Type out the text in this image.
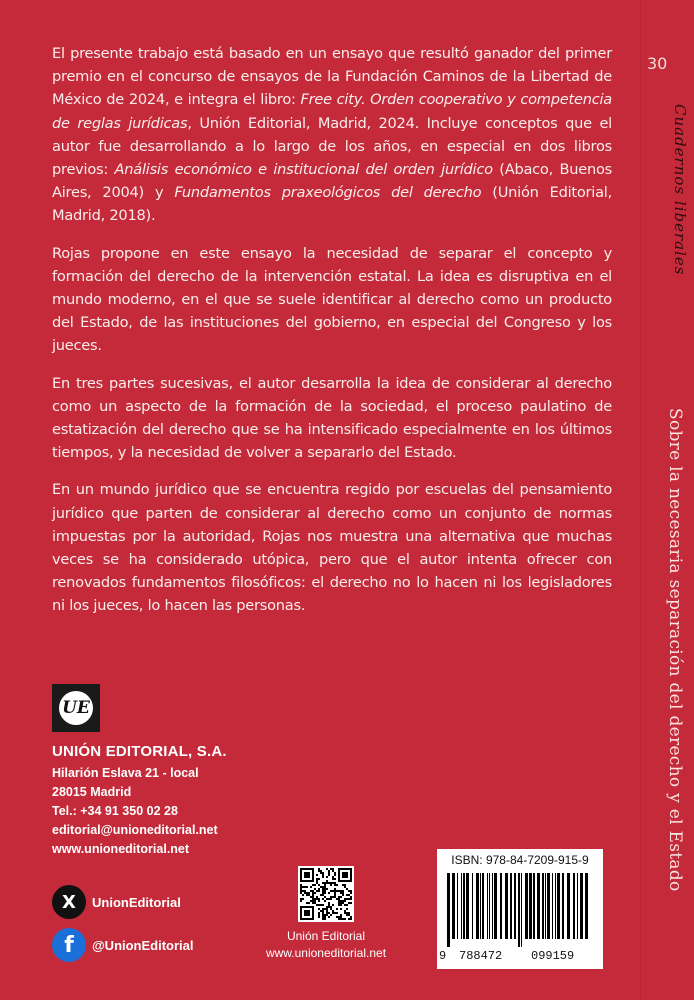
El presente trabajo está basado en un ensayo que resultó ganador del primer premio en el concurso de ensayos de la Fundación Caminos de la Libertad de México de 2024, e integra el libro: Free city. Orden cooperativo y competencia de reglas jurídicas, Unión Editorial, Madrid, 2024. Incluye conceptos que el autor fue desarrollando a lo largo de los años, en especial en dos libros previos: Análisis económico e institucional del orden jurídico (Abaco, Buenos Aires, 2004) y Fundamentos praxeológicos del derecho (Unión Editorial, Madrid, 2018).

Rojas propone en este ensayo la necesidad de separar el concepto y formación del derecho de la intervención estatal. La idea es disruptiva en el mundo moderno, en el que se suele identificar al derecho como un producto del Estado, de las instituciones del gobierno, en especial del Congreso y los jueces.

En tres partes sucesivas, el autor desarrolla la idea de considerar al derecho como un aspecto de la formación de la sociedad, el proceso paulatino de estatización del derecho que se ha intensificado especialmente en los últimos tiempos, y la necesidad de volver a separarlo del Estado.

En un mundo jurídico que se encuentra regido por escuelas del pensamiento jurídico que parten de considerar al derecho como un conjunto de normas impuestas por la autoridad, Rojas nos muestra una alternativa que muchas veces se ha considerado utópica, pero que el autor intenta ofrecer con renovados fundamentos filosóficos: el derecho no lo hacen ni los legisladores ni los jueces, lo hacen las personas.

30
Cuadernos liberales
Sobre la necesaria separación del derecho y el Estado
UE
UNIÓN EDITORIAL, S.A.
Hilarión Eslava 21 - local
28015 Madrid
Tel.: +34 91 350 02 28
editorial@unioneditorial.net
www.unioneditorial.net
X	UnionEditorial
f	@UnionEditorial
Unión Editorial
www.unioneditorial.net
ISBN: 978-84-7209-915-9
9 788472 099159
